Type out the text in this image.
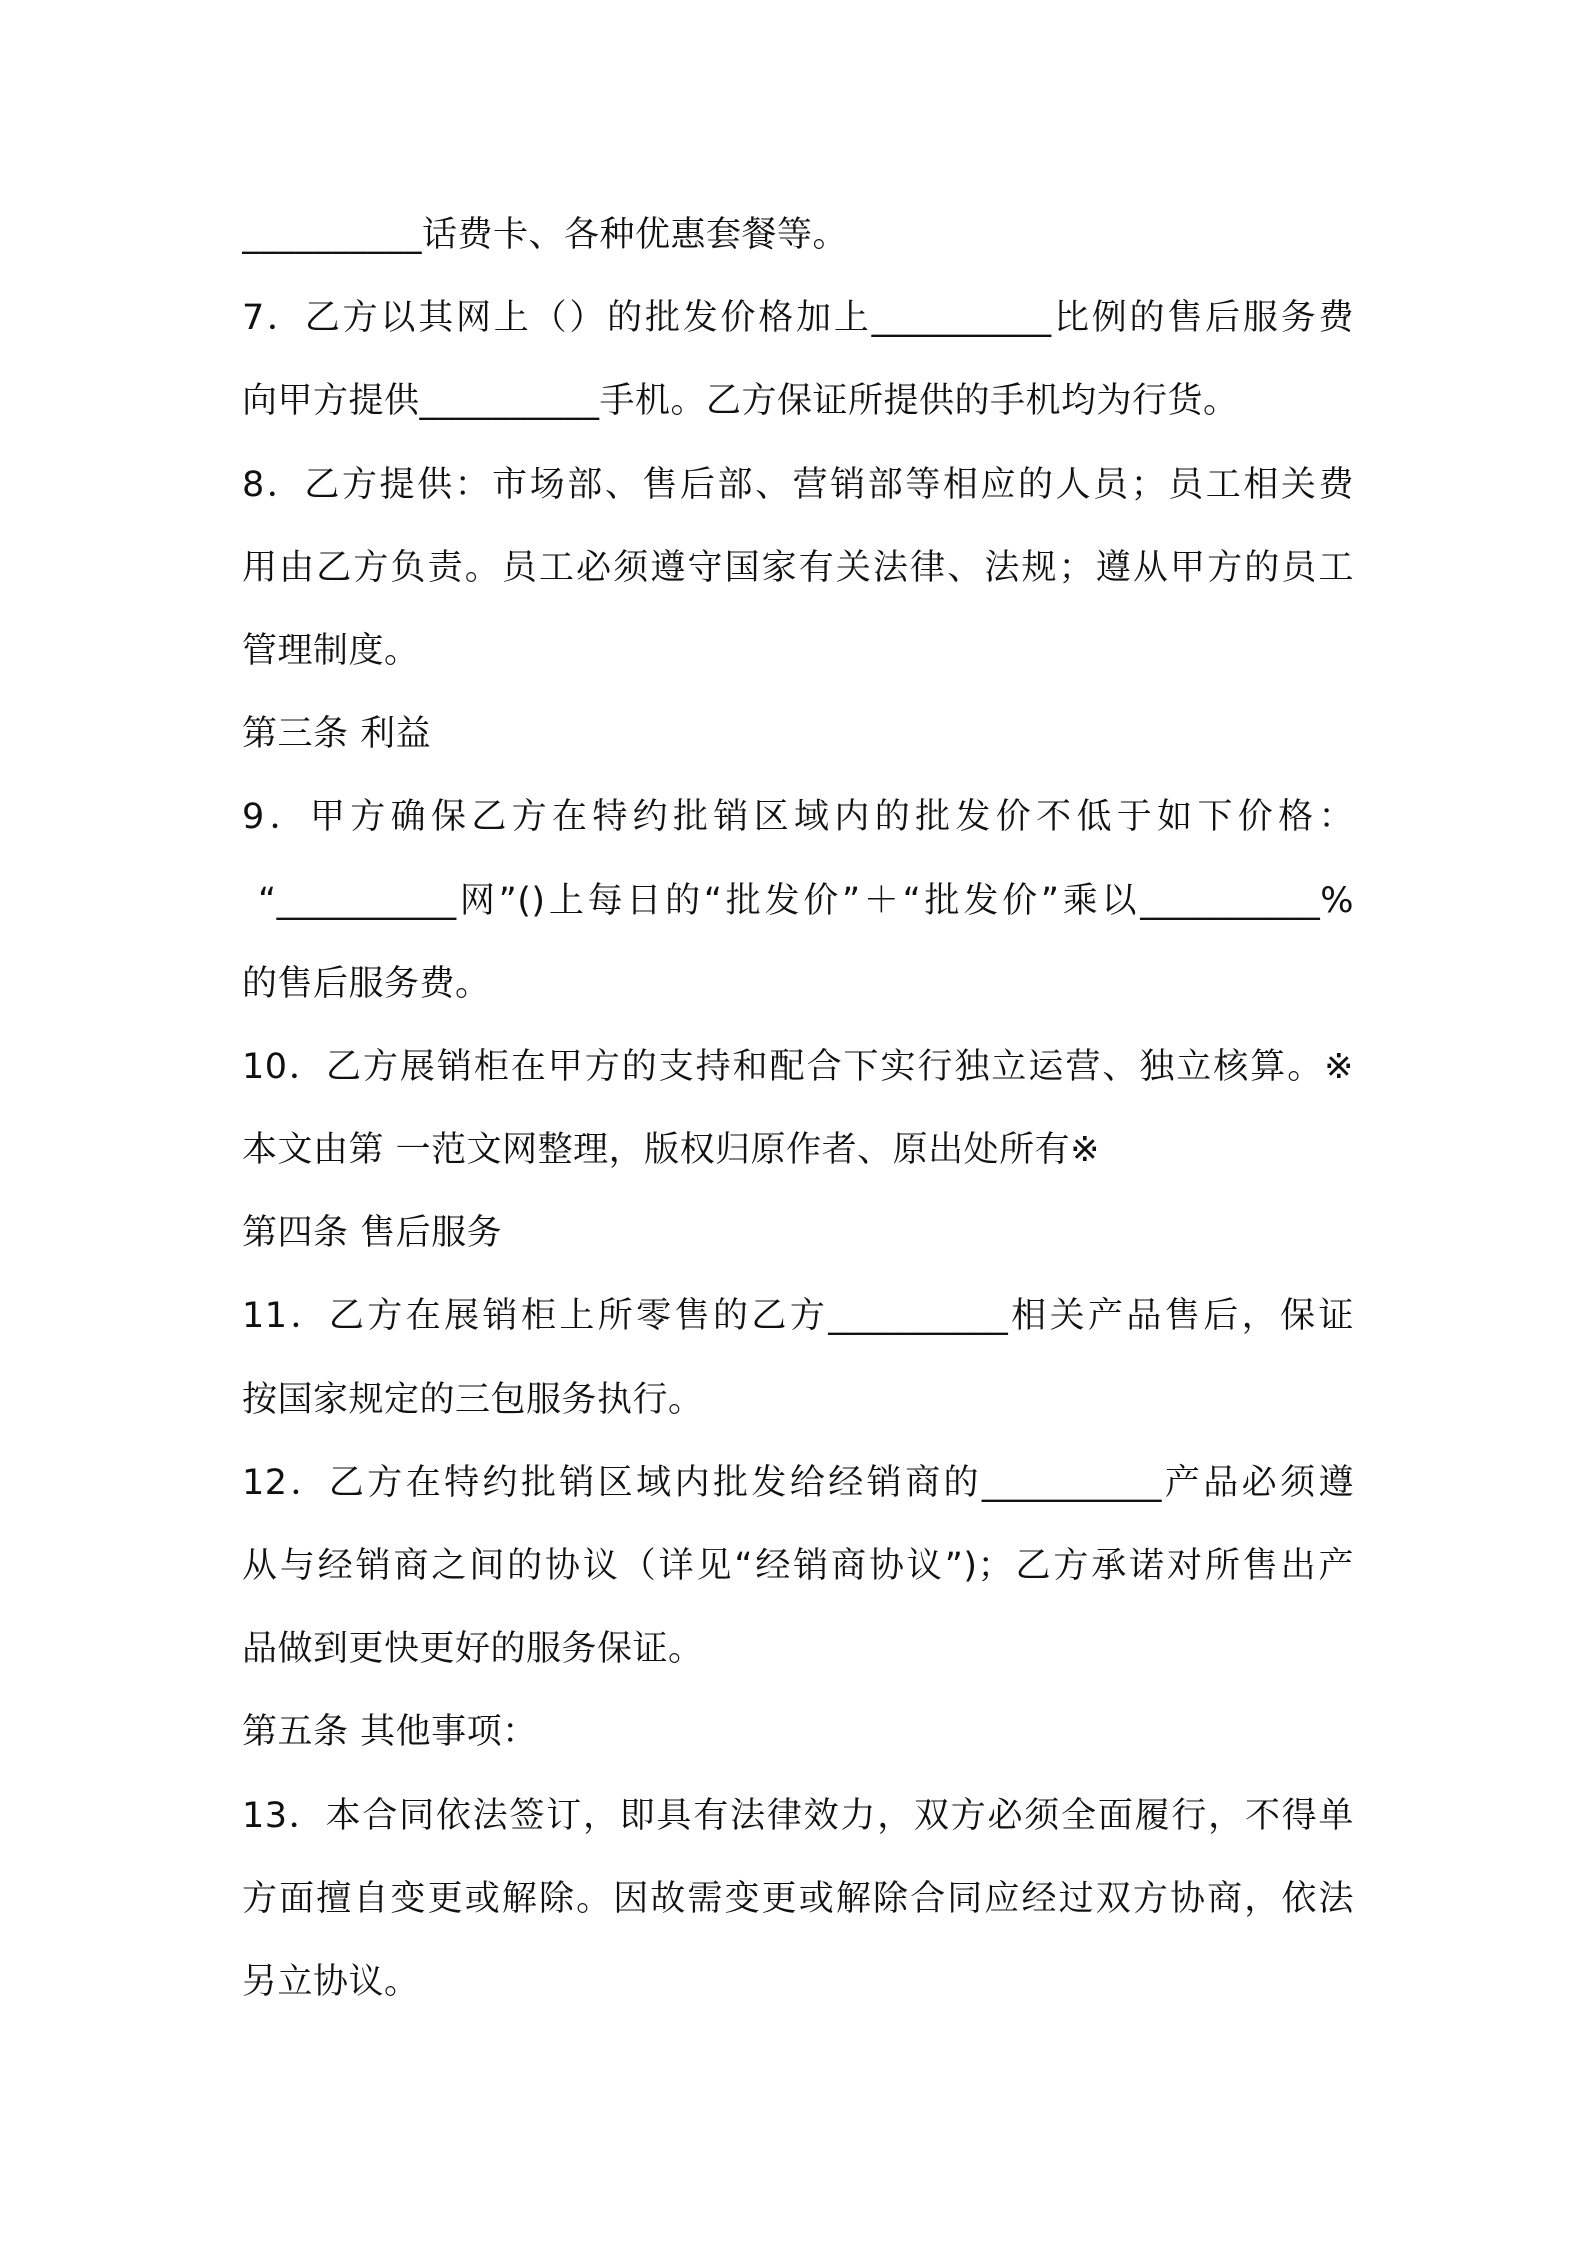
__________话费卡、各种优惠套餐等。
7．乙方以其网上（）的批发价格加上__________比例的售后服务费
向甲方提供__________手机。乙方保证所提供的手机均为行货。
8．乙方提供：市场部、售后部、营销部等相应的人员；员工相关费
用由乙方负责。员工必须遵守国家有关法律、法规；遵从甲方的员工
管理制度。
第三条 利益
9．甲方确保乙方在特约批销区域内的批发价不低于如下价格：
“__________网”()上每日的“批发价”＋“批发价”乘以__________%
的售后服务费。
10．乙方展销柜在甲方的支持和配合下实行独立运营、独立核算。※
本文由第 一范文网整理，版权归原作者、原出处所有※
第四条 售后服务
11．乙方在展销柜上所零售的乙方__________相关产品售后，保证
按国家规定的三包服务执行。
12．乙方在特约批销区域内批发给经销商的__________产品必须遵
从与经销商之间的协议（详见“经销商协议”)；乙方承诺对所售出产
品做到更快更好的服务保证。
第五条 其他事项：
13．本合同依法签订，即具有法律效力，双方必须全面履行，不得单
方面擅自变更或解除。因故需变更或解除合同应经过双方协商，依法
另立协议。
